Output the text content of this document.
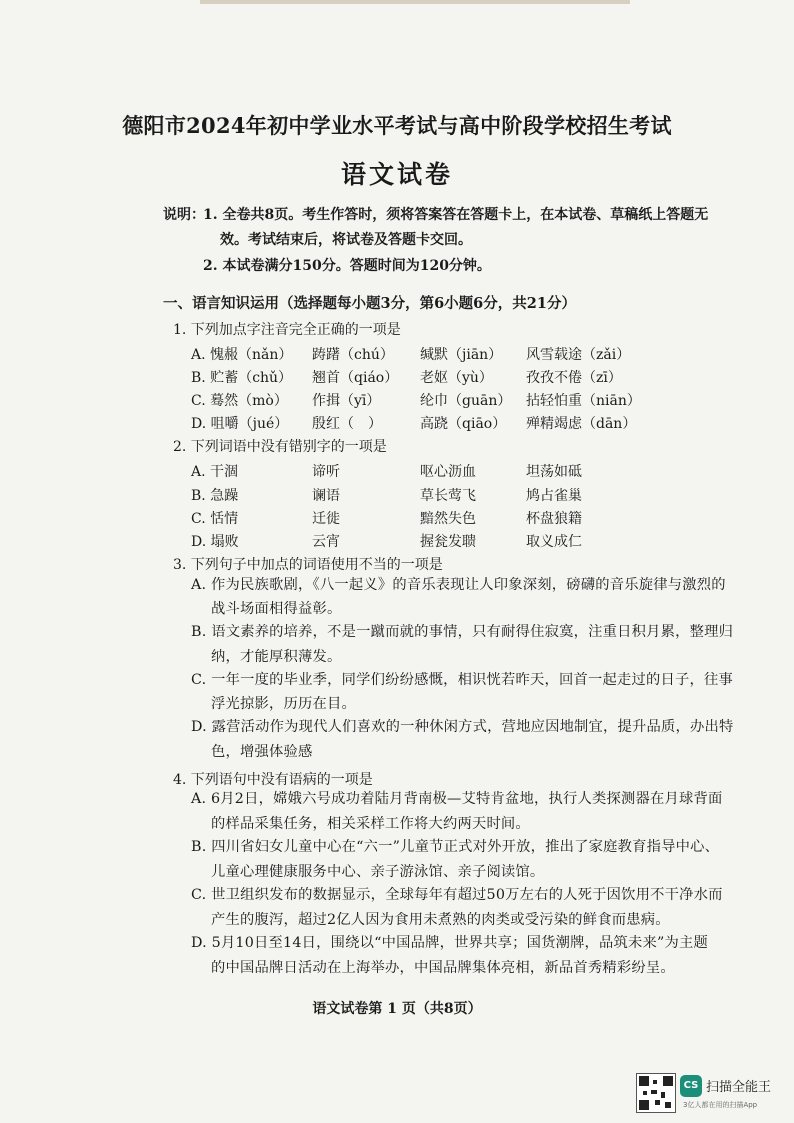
德阳市2024年初中学业水平考试与高中阶段学校招生考试
语文试卷
说明：
1. 全卷共8页。考生作答时，须将答案答在答题卡上，在本试卷、草稿纸上答题无
效。考试结束后，将试卷及答题卡交回。
2. 本试卷满分150分。答题时间为120分钟。
一、语言知识运用（选择题每小题3分，第6小题6分，共21分）
1. 下列加点字注音完全正确的一项是
A. 愧赧（nǎn） 踌躇（chú） 缄默（jiān） 风雪载途（zǎi）
B. 贮蓄（chǔ） 翘首（qiáo） 老妪（yù） 孜孜不倦（zī）
C. 蓦然（mò） 作揖（yī）	纶巾（guān） 拈轻怕重（niān）
D. 咀嚼（jué） 殷红（　）	高跷（qiāo） 殚精竭虑（dān）
2. 下列词语中没有错别字的一项是
A. 干涸	谛听	呕心沥血	坦荡如砥
B. 急躁	谰语	草长莺飞	鸠占雀巢
C. 恬情	迁徙	黯然失色	杯盘狼籍
D. 塌败	云宵	握瓮发聩	取义成仁
3. 下列句子中加点的词语使用不当的一项是
A. 作为民族歌剧，《八一起义》的音乐表现让人印象深刻，磅礴的音乐旋律与激烈的
战斗场面相得益彰。
B. 语文素养的培养，不是一蹴而就的事情，只有耐得住寂寞，注重日积月累，整理归
纳，才能厚积薄发。
C. 一年一度的毕业季，同学们纷纷感慨，相识恍若昨天，回首一起走过的日子，往事
浮光掠影，历历在目。
D. 露营活动作为现代人们喜欢的一种休闲方式，营地应因地制宜，提升品质，办出特
色，增强体验感
4. 下列语句中没有语病的一项是
A. 6月2日，嫦娥六号成功着陆月背南极—艾特肯盆地，执行人类探测器在月球背面
的样品采集任务，相关采样工作将大约两天时间。
B. 四川省妇女儿童中心在“六一”儿童节正式对外开放，推出了家庭教育指导中心、
儿童心理健康服务中心、亲子游泳馆、亲子阅读馆。
C. 世卫组织发布的数据显示，全球每年有超过50万左右的人死于因饮用不干净水而
产生的腹泻，超过2亿人因为食用未煮熟的肉类或受污染的鲜食而患病。
D. 5月10日至14日，围绕以“中国品牌，世界共享；国货潮牌，品筑未来”为主题
的中国品牌日活动在上海举办，中国品牌集体亮相，新品首秀精彩纷呈。
语文试卷第 1 页（共8页）
CS 扫描全能王
3亿人都在用的扫描App
